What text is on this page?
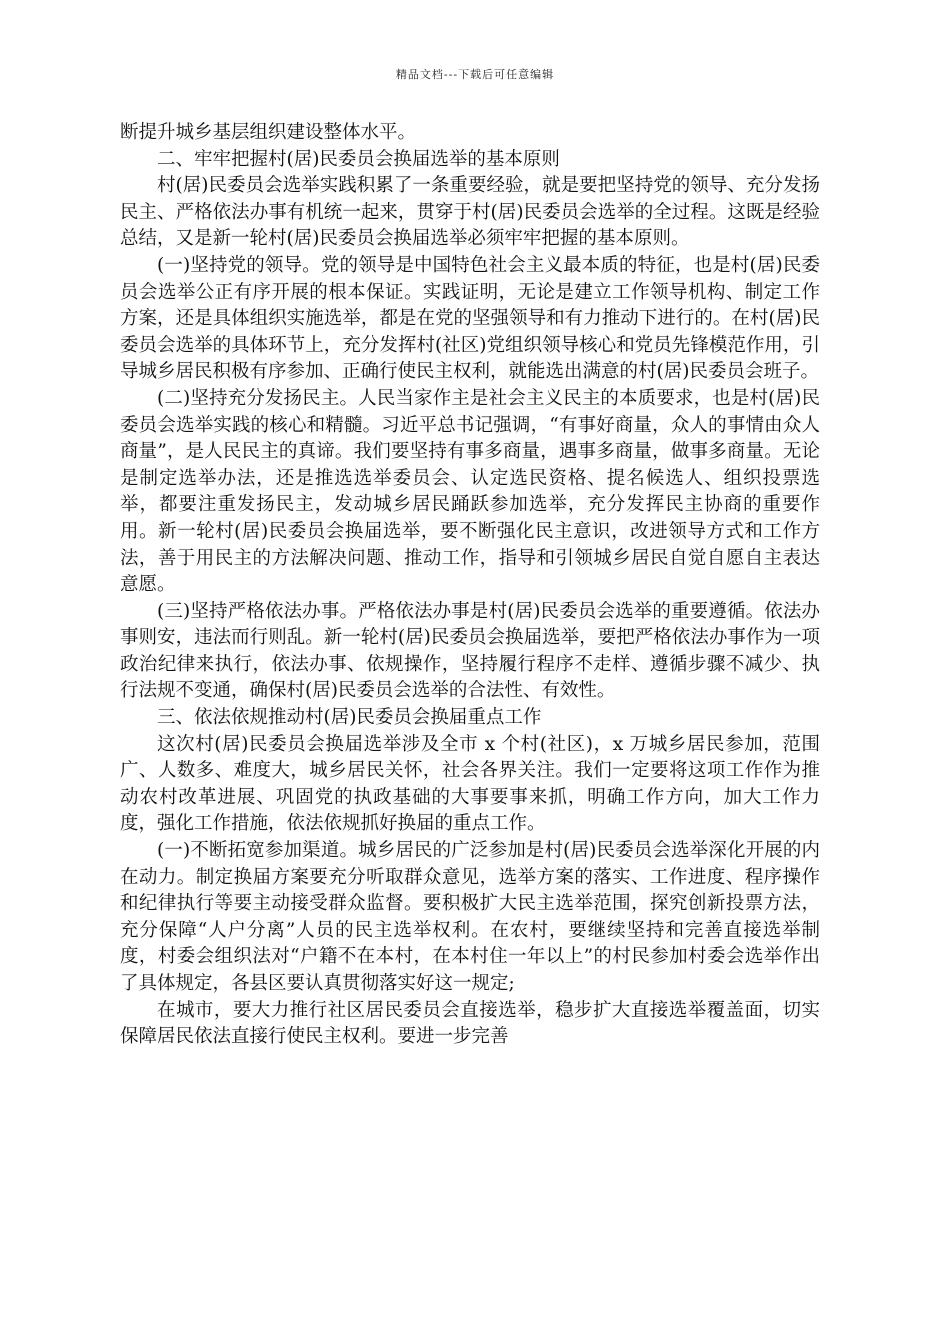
精品文档---下载后可任意编辑

断提升城乡基层组织建设整体水平。

二、牢牢把握村(居)民委员会换届选举的基本原则

村(居)民委员会选举实践积累了一条重要经验，就是要把坚持党的领导、充分发扬民主、严格依法办事有机统一起来，贯穿于村(居)民委员会选举的全过程。这既是经验总结，又是新一轮村(居)民委员会换届选举必须牢牢把握的基本原则。

(一)坚持党的领导。党的领导是中国特色社会主义最本质的特征，也是村(居)民委员会选举公正有序开展的根本保证。实践证明，无论是建立工作领导机构、制定工作方案，还是具体组织实施选举，都是在党的坚强领导和有力推动下进行的。在村(居)民委员会选举的具体环节上，充分发挥村(社区)党组织领导核心和党员先锋模范作用，引导城乡居民积极有序参加、正确行使民主权利，就能选出满意的村(居)民委员会班子。

(二)坚持充分发扬民主。人民当家作主是社会主义民主的本质要求，也是村(居)民委员会选举实践的核心和精髓。习近平总书记强调，“有事好商量，众人的事情由众人商量”，是人民民主的真谛。我们要坚持有事多商量，遇事多商量，做事多商量。无论是制定选举办法，还是推选选举委员会、认定选民资格、提名候选人、组织投票选举，都要注重发扬民主，发动城乡居民踊跃参加选举，充分发挥民主协商的重要作用。新一轮村(居)民委员会换届选举，要不断强化民主意识，改进领导方式和工作方法，善于用民主的方法解决问题、推动工作，指导和引领城乡居民自觉自愿自主表达意愿。

(三)坚持严格依法办事。严格依法办事是村(居)民委员会选举的重要遵循。依法办事则安，违法而行则乱。新一轮村(居)民委员会换届选举，要把严格依法办事作为一项政治纪律来执行，依法办事、依规操作，坚持履行程序不走样、遵循步骤不减少、执行法规不变通，确保村(居)民委员会选举的合法性、有效性。

三、依法依规推动村(居)民委员会换届重点工作

这次村(居)民委员会换届选举涉及全市 x 个村(社区)，x 万城乡居民参加，范围广、人数多、难度大，城乡居民关怀，社会各界关注。我们一定要将这项工作作为推动农村改革进展、巩固党的执政基础的大事要事来抓，明确工作方向，加大工作力度，强化工作措施，依法依规抓好换届的重点工作。

(一)不断拓宽参加渠道。城乡居民的广泛参加是村(居)民委员会选举深化开展的内在动力。制定换届方案要充分听取群众意见，选举方案的落实、工作进度、程序操作和纪律执行等要主动接受群众监督。要积极扩大民主选举范围，探究创新投票方法，充分保障“人户分离”人员的民主选举权利。在农村，要继续坚持和完善直接选举制度，村委会组织法对“户籍不在本村，在本村住一年以上”的村民参加村委会选举作出了具体规定，各县区要认真贯彻落实好这一规定;

在城市，要大力推行社区居民委员会直接选举，稳步扩大直接选举覆盖面，切实保障居民依法直接行使民主权利。要进一步完善
